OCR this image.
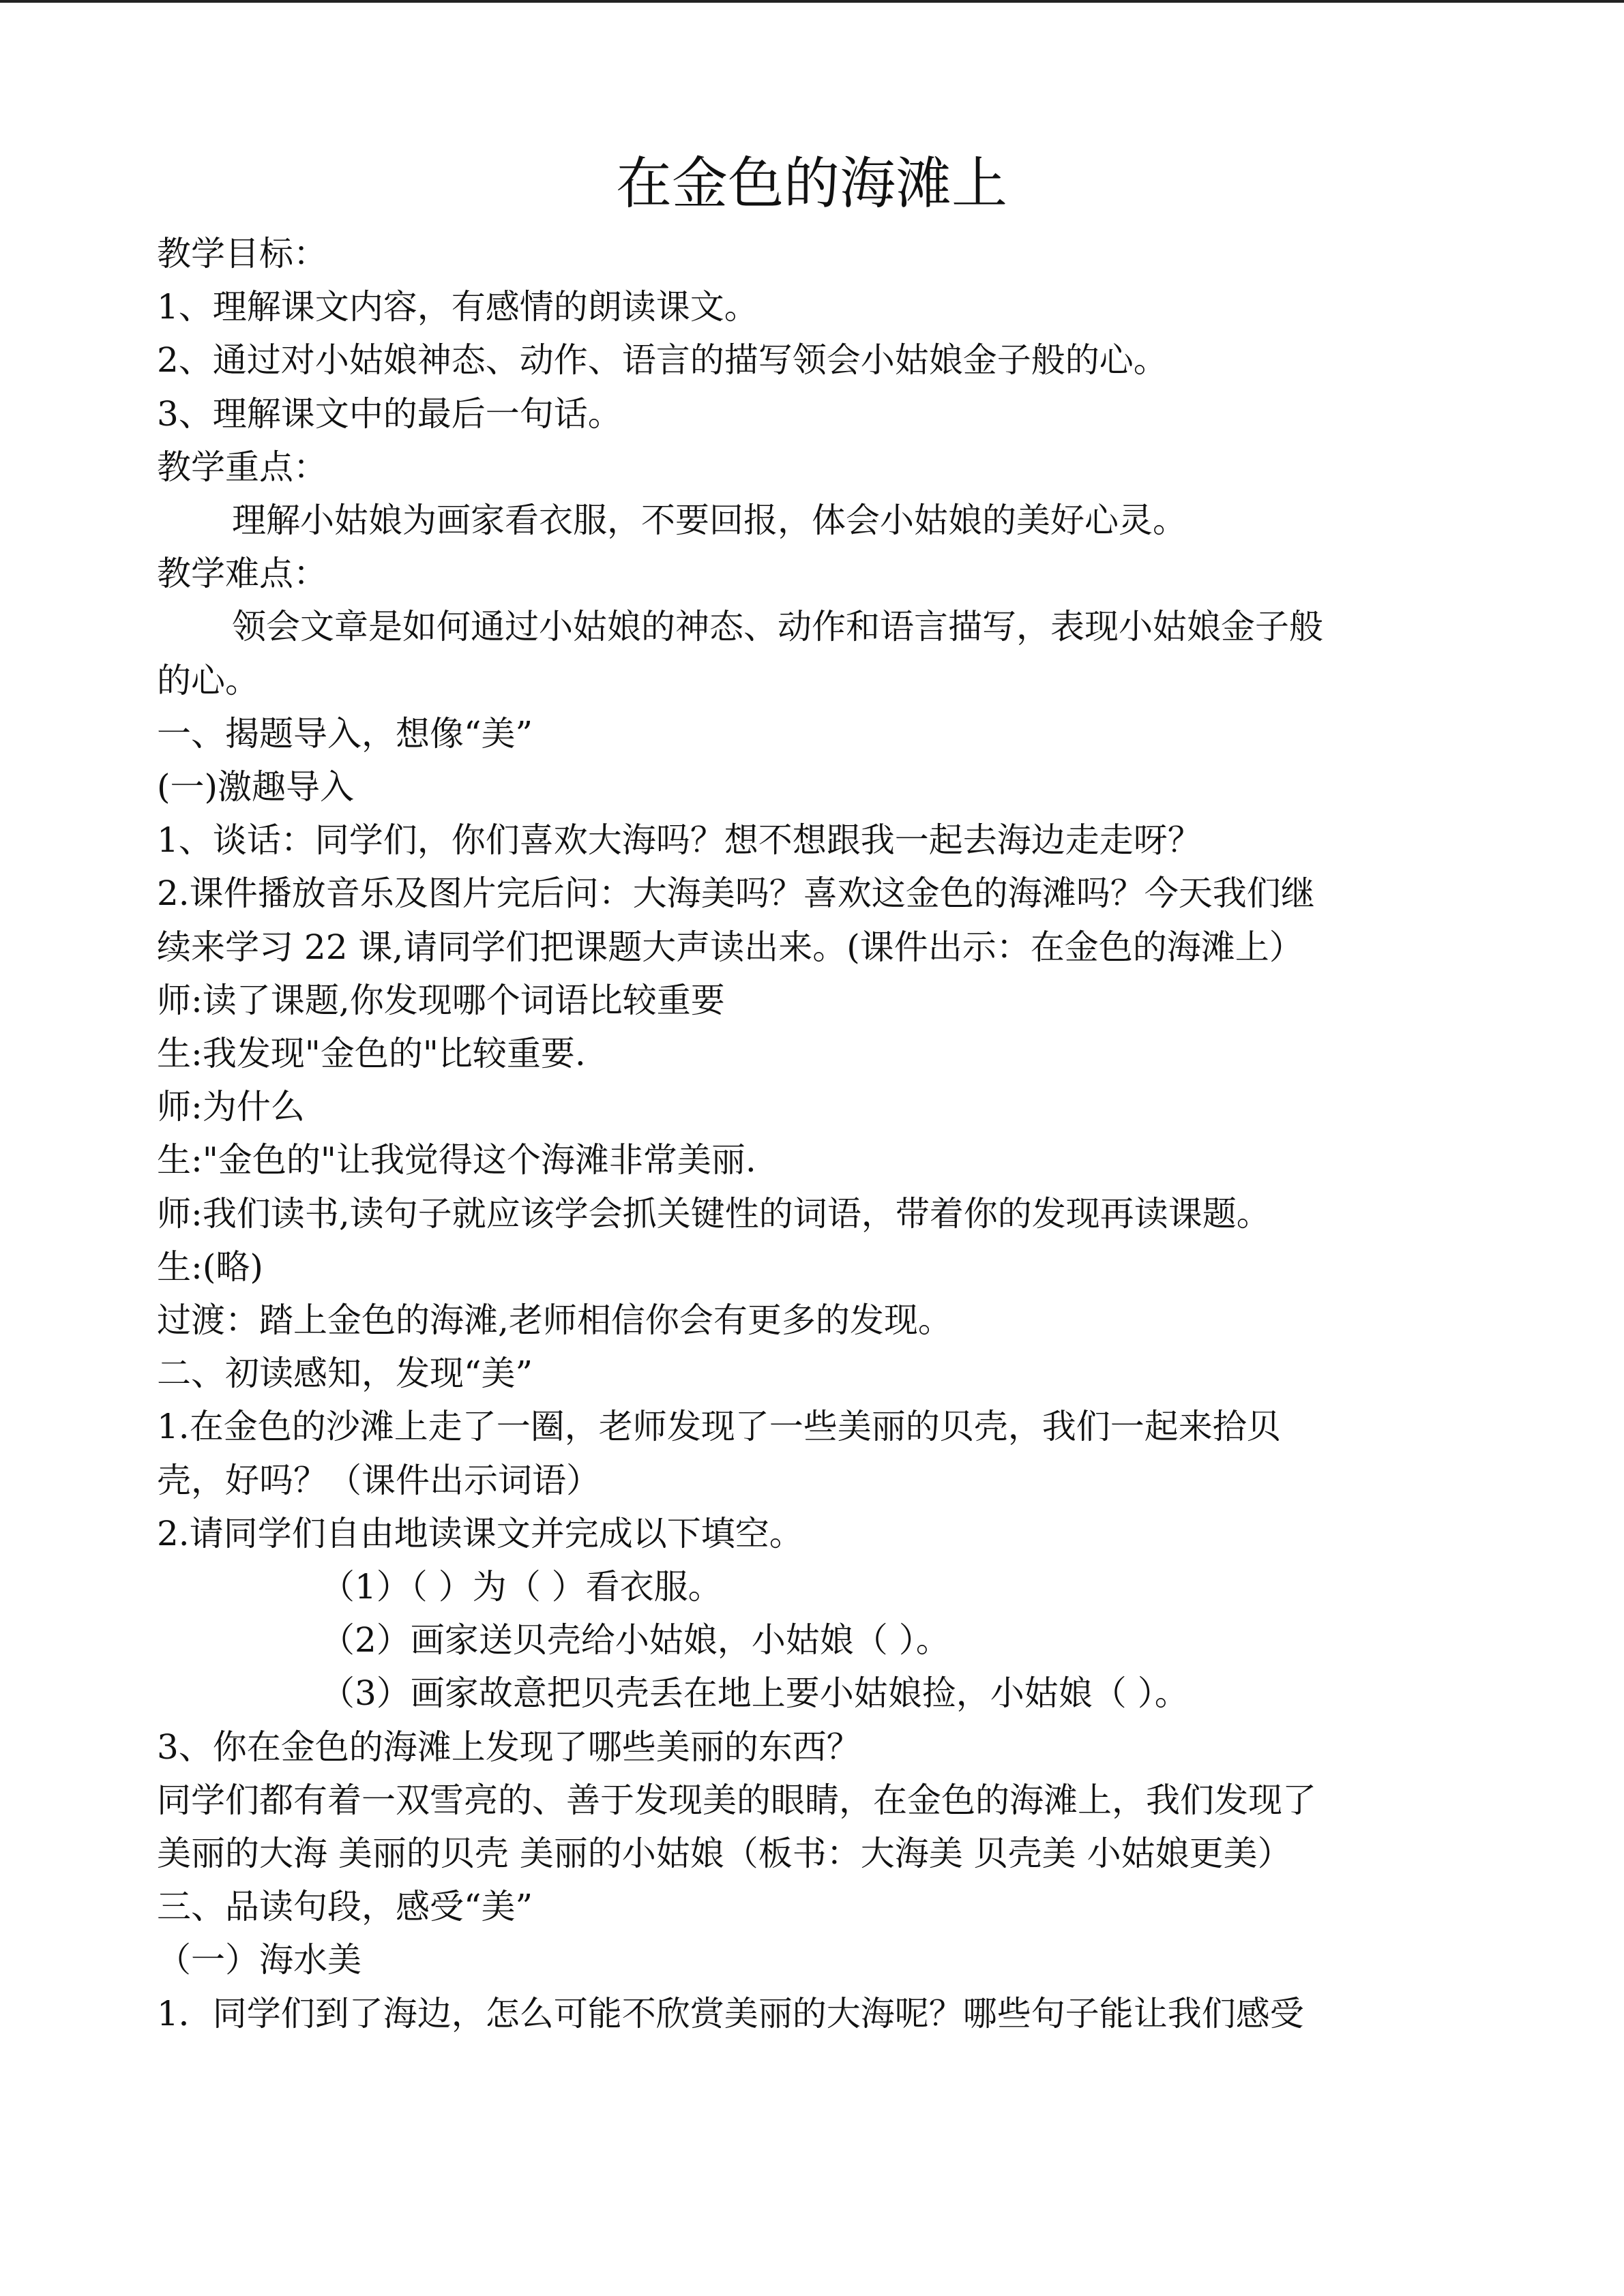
在金色的海滩上
教学目标：
1、理解课文内容，有感情的朗读课文。
2、通过对小姑娘神态、动作、语言的描写领会小姑娘金子般的心。
3、理解课文中的最后一句话。
教学重点：
理解小姑娘为画家看衣服，不要回报，体会小姑娘的美好心灵。
教学难点：
领会文章是如何通过小姑娘的神态、动作和语言描写，表现小姑娘金子般
的心。
一、揭题导入，想像“美”
(一)激趣导入
1、谈话：同学们，你们喜欢大海吗？想不想跟我一起去海边走走呀？
2.课件播放音乐及图片完后问：大海美吗？喜欢这金色的海滩吗？今天我们继
续来学习 22 课,请同学们把课题大声读出来。(课件出示：在金色的海滩上）
师:读了课题,你发现哪个词语比较重要
生:我发现"金色的"比较重要.
师:为什么
生:"金色的"让我觉得这个海滩非常美丽.
师:我们读书,读句子就应该学会抓关键性的词语，带着你的发现再读课题。
生:(略)
过渡：踏上金色的海滩,老师相信你会有更多的发现。
二、初读感知，发现“美”
1.在金色的沙滩上走了一圈，老师发现了一些美丽的贝壳，我们一起来拾贝
壳，好吗？（课件出示词语）
2.请同学们自由地读课文并完成以下填空。
（1）（ ）为（ ）看衣服。
（2）画家送贝壳给小姑娘，小姑娘（ ）。
（3）画家故意把贝壳丢在地上要小姑娘捡，小姑娘（ ）。
3、你在金色的海滩上发现了哪些美丽的东西？
同学们都有着一双雪亮的、善于发现美的眼睛，在金色的海滩上，我们发现了
美丽的大海 美丽的贝壳 美丽的小姑娘（板书：大海美 贝壳美 小姑娘更美）
三、品读句段，感受“美”
（一）海水美
1．同学们到了海边，怎么可能不欣赏美丽的大海呢？哪些句子能让我们感受
